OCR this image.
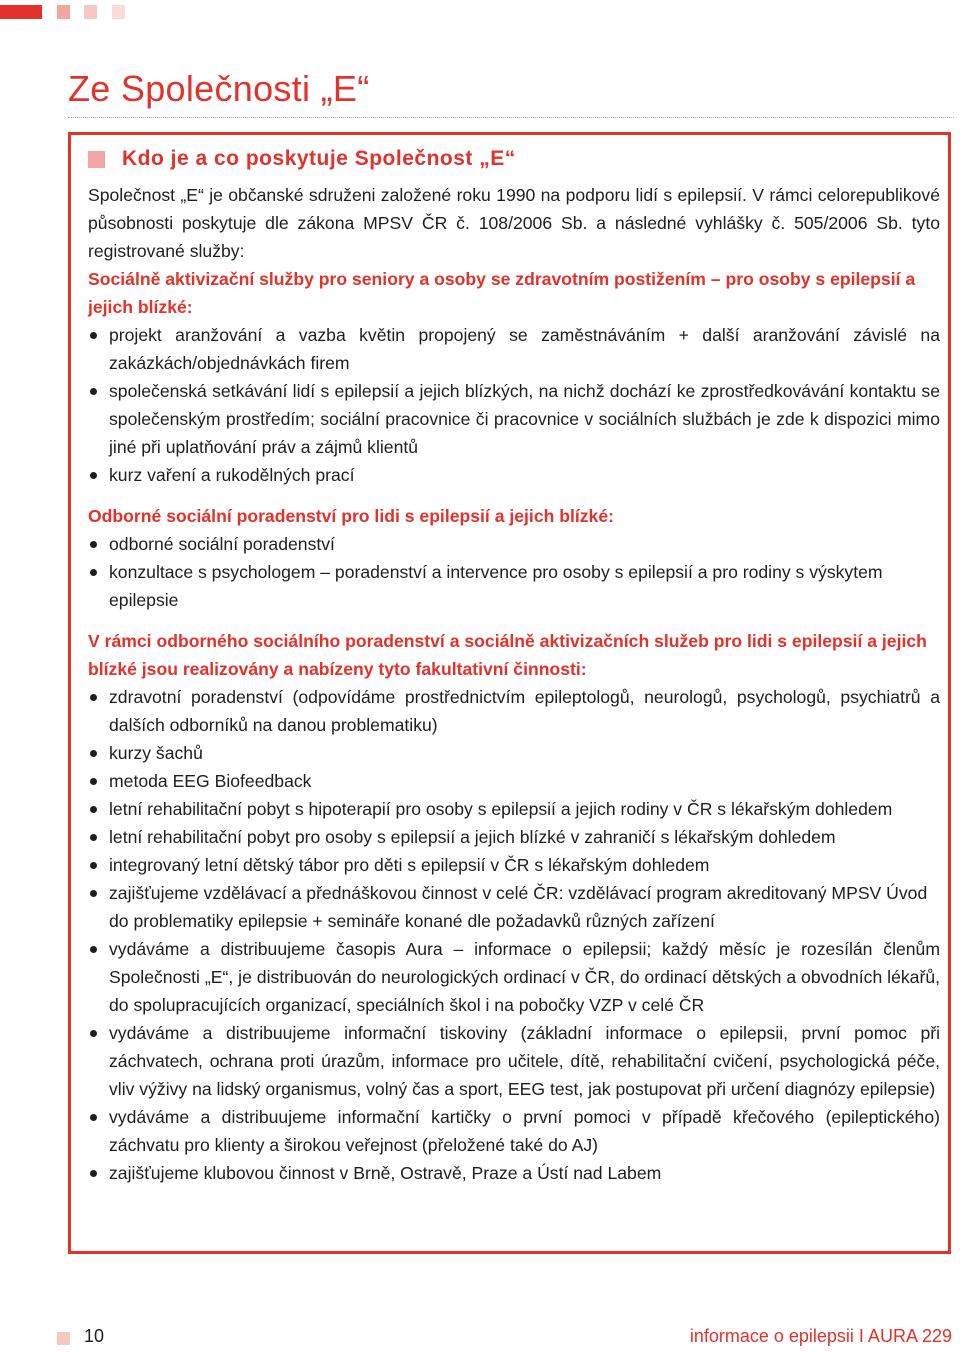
Ze Společnosti „E“
Kdo je a co poskytuje Společnost „E“

Společnost „E“ je občanské sdruženi založené roku 1990 na podporu lidí s epilepsií. V rámci celorepublikové působnosti poskytuje dle zákona MPSV ČR č. 108/2006 Sb. a následné vyhlášky č. 505/2006 Sb. tyto registrované služby:

Sociálně aktivizační služby pro seniory a osoby se zdravotním postižením – pro osoby s epilepsií a jejich blízké:

projekt aranžování a vazba květin propojený se zaměstnáváním + další aranžování závislé na zakázkách/objednávkách firem
společenská setkávání lidí s epilepsií a jejich blízkých, na nichž dochází ke zprostředkovávání kontaktu se společenským prostředím; sociální pracovnice či pracovnice v sociálních službách je zde k dispozici mimo jiné při uplatňování práv a zájmů klientů
kurz vaření a rukodělných prací

Odborné sociální poradenství pro lidi s epilepsií a jejich blízké:

odborné sociální poradenství
konzultace s psychologem – poradenství a intervence pro osoby s epilepsií a pro rodiny s výskytem epilepsie

V rámci odborného sociálního poradenství a sociálně aktivizačních služeb pro lidi s epilepsií a jejich blízké jsou realizovány a nabízeny tyto fakultativní činnosti:

zdravotní poradenství (odpovídáme prostřednictvím epileptologů, neurologů, psychologů, psychiatrů a dalších odborníků na danou problematiku)
kurzy šachů
metoda EEG Biofeedback
letní rehabilitační pobyt s hipoterapií pro osoby s epilepsií a jejich rodiny v ČR s lékařským dohledem
letní rehabilitační pobyt pro osoby s epilepsií a jejich blízké v zahraničí s lékařským dohledem
integrovaný letní dětský tábor pro děti s epilepsií v ČR s lékařským dohledem
zajišťujeme vzdělávací a přednáškovou činnost v celé ČR: vzdělávací program akreditovaný MPSV Úvod do problematiky epilepsie + semináře konané dle požadavků různých zařízení
vydáváme a distribuujeme časopis Aura – informace o epilepsii; každý měsíc je rozesílán členům Společnosti „E“, je distribuován do neurologických ordinací v ČR, do ordinací dětských a obvodních lékařů, do spolupracujících organizací, speciálních škol i na pobočky VZP v celé ČR
vydáváme a distribuujeme informační tiskoviny (základní informace o epilepsii, první pomoc při záchvatech, ochrana proti úrazům, informace pro učitele, dítě, rehabilitační cvičení, psychologická péče, vliv výživy na lidský organismus, volný čas a sport, EEG test, jak postupovat při určení diagnózy epilepsie)
vydáváme a distribuujeme informační kartičky o první pomoci v případě křečového (epileptického) záchvatu pro klienty a širokou veřejnost (přeložené také do AJ)
zajišťujeme klubovou činnost v Brně, Ostravě, Praze a Ústí nad Labem
10	informace o epilepsii I AURA 229
